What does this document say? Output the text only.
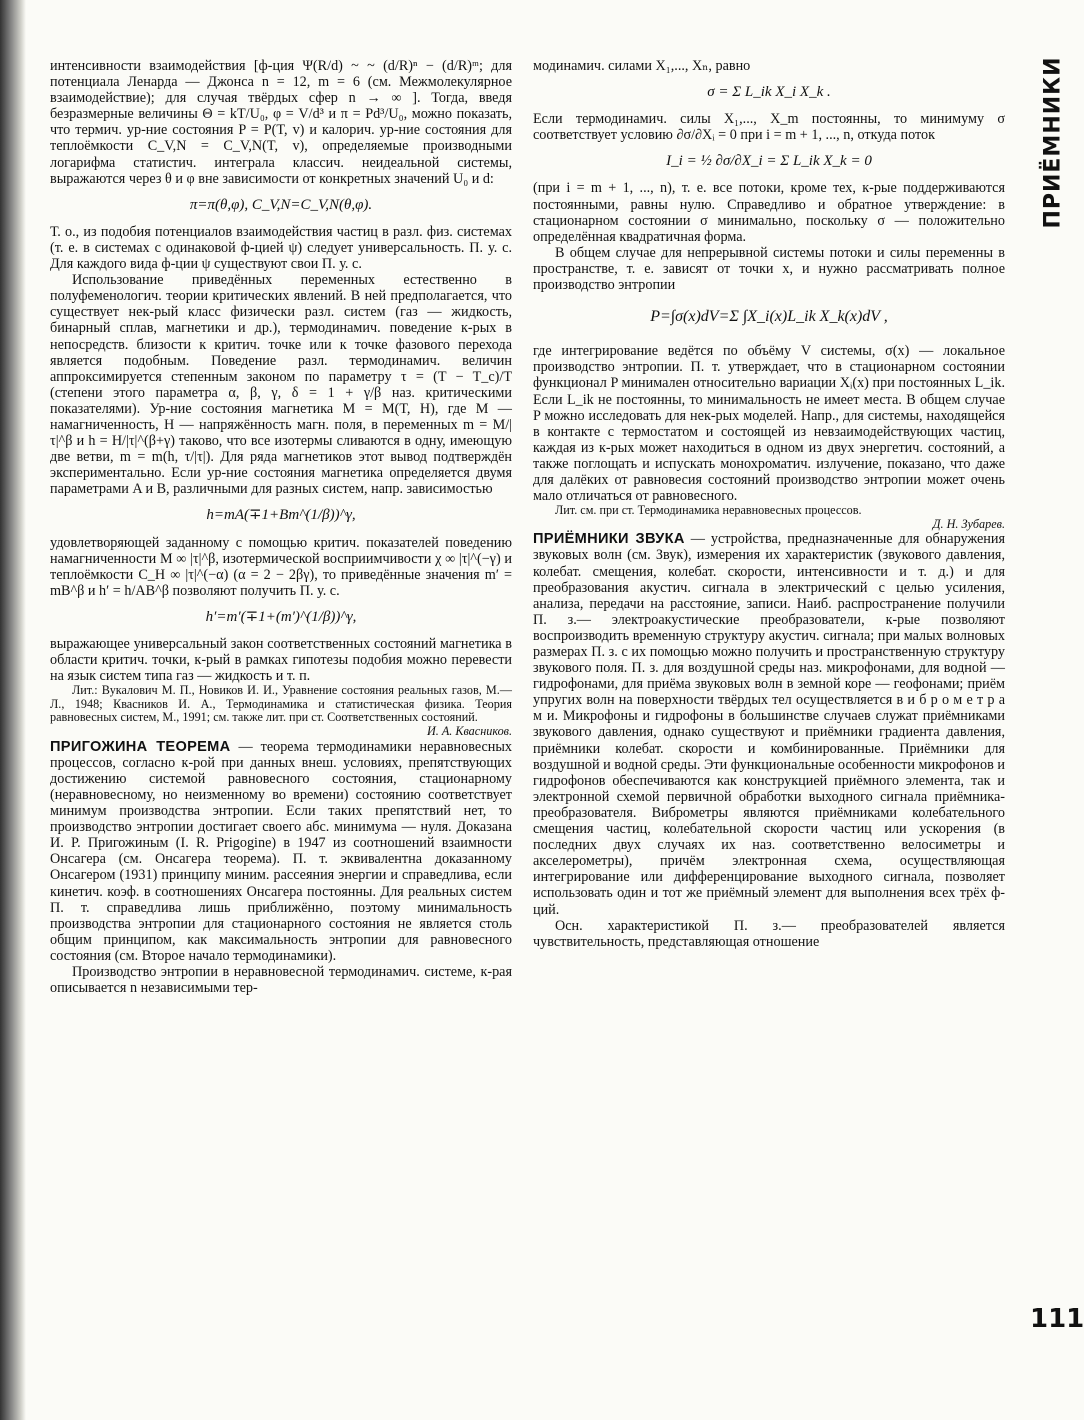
интенсивности взаимодействия [ф-ция Ψ(R/d) ~ ~ (d/R)ⁿ − (d/R)ᵐ; для потенциала Ленарда — Джонса n = 12, m = 6 (см. Межмолекулярное взаимодействие); для случая твёрдых сфер n → ∞ ]. Тогда, введя безразмерные величины Θ = kT/U₀, φ = V/d³ и π = Pd³/U₀, можно показать, что термич. ур-ние состояния P = P(T, v) и калорич. ур-ние состояния для теплоёмкости C_V,N = C_V,N(T, v), определяемые производными логарифма статистич. интеграла классич. неидеальной системы, выражаются через θ и φ вне зависимости от конкретных значений U₀ и d:

π=π(θ,φ), C_V,N=C_V,N(θ,φ).

Т. о., из подобия потенциалов взаимодействия частиц в разл. физ. системах (т. е. в системах с одинаковой ф-цией ψ) следует универсальность. П. у. с. Для каждого вида ф-ции ψ существуют свои П. у. с.

Использование приведённых переменных естественно в полуфеменологич. теории критических явлений. В ней предполагается, что существует нек-рый класс физически разл. систем (газ — жидкость, бинарный сплав, магнетики и др.), термодинамич. поведение к-рых в непосредств. близости к критич. точке или к точке фазового перехода является подобным. Поведение разл. термодинамич. величин аппроксимируется степенным законом по параметру τ = (T − T_c)/T (степени этого параметра α, β, γ, δ = 1 + γ/β наз. критическими показателями). Ур-ние состояния магнетика M = M(T, H), где M — намагниченность, H — напряжённость магн. поля, в переменных m = M/|τ|^β и h = H/|τ|^(β+γ) таково, что все изотермы сливаются в одну, имеющую две ветви, m = m(h, τ/|τ|). Для ряда магнетиков этот вывод подтверждён экспериментально. Если ур-ние состояния магнетика определяется двумя параметрами A и B, различными для разных систем, напр. зависимостью

h=mA(∓1+Bm^(1/β))^γ,

удовлетворяющей заданному с помощью критич. показателей поведению намагниченности M ∞ |τ|^β, изотермической восприимчивости χ ∞ |τ|^(−γ) и теплоёмкости C_H ∞ |τ|^(−α) (α = 2 − 2βγ), то приведённые значения m′ = mB^β и h′ = h/AB^β позволяют получить П. у. с.

h′=m′(∓1+(m′)^(1/β))^γ,

выражающее универсальный закон соответственных состояний магнетика в области критич. точки, к-рый в рамках гипотезы подобия можно перевести на язык систем типа газ — жидкость и т. п.

Лит.: Вукалович М. П., Новиков И. И., Уравнение состояния реальных газов, М.— Л., 1948; Квасников И. А., Термодинамика и статистическая физика. Теория равновесных систем, М., 1991; см. также лит. при ст. Соответственных состояний.

И. А. Квасников.

ПРИГОЖИНА ТЕОРЕМА — теорема термодинамики неравновесных процессов, согласно к-рой при данных внеш. условиях, препятствующих достижению системой равновесного состояния, стационарному (неравновесному, но неизменному во времени) состоянию соответствует минимум производства энтропии. Если таких препятствий нет, то производство энтропии достигает своего абс. минимума — нуля. Доказана И. Р. Пригожиным (I. R. Prigogine) в 1947 из соотношений взаимности Онсагера (см. Онсагера теорема). П. т. эквивалентна доказанному Онсагером (1931) принципу миним. рассеяния энергии и справедлива, если кинетич. коэф. в соотношениях Онсагера постоянны. Для реальных систем П. т. справедлива лишь приближённо, поэтому минимальность производства энтропии для стационарного состояния не является столь общим принципом, как максимальность энтропии для равновесного состояния (см. Второе начало термодинамики).

Производство энтропии в неравновесной термодинамич. системе, к-рая описывается n независимыми тер-

модинамич. силами X₁,..., Xₙ, равно

σ = Σ L_ik X_i X_k .

Если термодинамич. силы X₁,..., X_m постоянны, то минимуму σ соответствует условию ∂σ/∂Xᵢ = 0 при i = m + 1, ..., n, откуда поток

I_i = ½ ∂σ/∂X_i = Σ L_ik X_k = 0

(при i = m + 1, ..., n), т. е. все потоки, кроме тех, к-рые поддерживаются постоянными, равны нулю. Справедливо и обратное утверждение: в стационарном состоянии σ минимально, поскольку σ — положительно определённая квадратичная форма.

В общем случае для непрерывной системы потоки и силы переменны в пространстве, т. е. зависят от точки x, и нужно рассматривать полное производство энтропии

P=∫σ(x)dV=Σ ∫X_i(x)L_ik X_k(x)dV ,

где интегрирование ведётся по объёму V системы, σ(x) — локальное производство энтропии. П. т. утверждает, что в стационарном состоянии функционал P минимален относительно вариации Xᵢ(x) при постоянных L_ik. Если L_ik не постоянны, то минимальность не имеет места. В общем случае P можно исследовать для нек-рых моделей. Напр., для системы, находящейся в контакте с термостатом и состоящей из невзаимодействующих частиц, каждая из к-рых может находиться в одном из двух энергетич. состояний, а также поглощать и испускать монохроматич. излучение, показано, что даже для далёких от равновесия состояний производство энтропии может очень мало отличаться от равновесного.

Лит. см. при ст. Термодинамика неравновесных процессов.

Д. Н. Зубарев.

ПРИЁМНИКИ ЗВУКА — устройства, предназначенные для обнаружения звуковых волн (см. Звук), измерения их характеристик (звукового давления, колебат. смещения, колебат. скорости, интенсивности и т. д.) и для преобразования акустич. сигнала в электрический с целью усиления, анализа, передачи на расстояние, записи. Наиб. распространение получили П. з.— электроакустические преобразователи, к-рые позволяют воспроизводить временную структуру акустич. сигнала; при малых волновых размерах П. з. с их помощью можно получить и пространственную структуру звукового поля. П. з. для воздушной среды наз. микрофонами, для водной — гидрофонами, для приёма звуковых волн в земной коре — геофонами; приём упругих волн на поверхности твёрдых тел осуществляется в и б р о м е т р а м и. Микрофоны и гидрофоны в большинстве случаев служат приёмниками звукового давления, однако существуют и приёмники градиента давления, приёмники колебат. скорости и комбинированные. Приёмники для воздушной и водной среды. Эти функциональные особенности микрофонов и гидрофонов обеспечиваются как конструкцией приёмного элемента, так и электронной схемой первичной обработки выходного сигнала приёмника-преобразователя. Виброметры являются приёмниками колебательного смещения частиц, колебательной скорости частиц или ускорения (в последних двух случаях их наз. соответственно велосиметры и акселерометры), причём электронная схема, осуществляющая интегрирование или дифференцирование выходного сигнала, позволяет использовать один и тот же приёмный элемент для выполнения всех трёх ф-ций.

Осн. характеристикой П. з.— преобразователей является чувствительность, представляющая отношение

ПРИЁМНИКИ
111
